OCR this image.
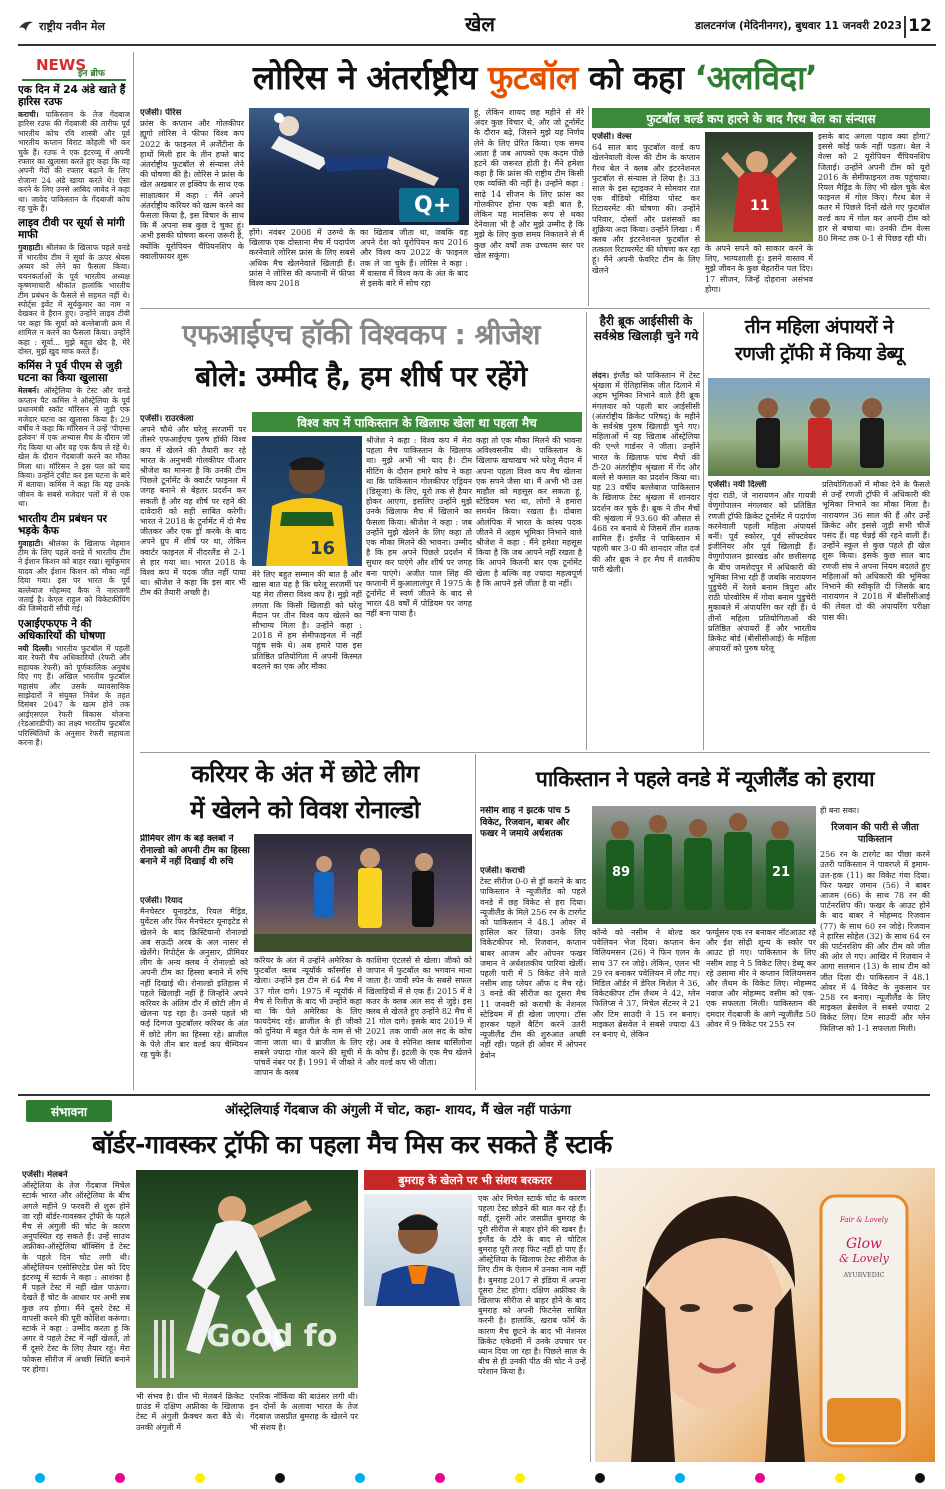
राष्ट्रीय नवीन मेल	खेल	डालटनगंज (मेदिनीनगर), बुधवार 11 जनवरी 2023 12
NEWS
इन ब्रीफ
एक दिन में 24 अंडे खाते हैं हारिस रउफ
कराची। पाकिस्तान के तेज गेंदबाज हारिस रउफ की गेंदबाजी की तारीफ पूर्व भारतीय कोच रवि शास्त्री और पूर्व भारतीय कप्तान विराट कोहली भी कर चुके हैं। रउफ ने एक इंटरव्यू में अपनी रफ्तार का खुलासा करते हुए कहा कि वह अपनी गेंदों की रफ्तार बढ़ाने के लिए रोजाना 24 अंडे खाया करते थे। ऐसा करने के लिए उनसे आबिद जावेद ने कहा था। जावेद पाकिस्तान के गेंदबाजी कोच रह चुके हैं।
लाइव टीवी पर सूर्या से मांगी माफी
गुवाहाटी। श्रीलंका के खिलाफ पहले वनडे में भारतीय टीम ने सूर्या के ऊपर श्रेयस अय्यर को लेने का फैसला किया। चयनकर्ताओं के पूर्व भारतीय अध्यक्ष कृष्णमाचारी श्रीकांत हालांकि भारतीय टीम प्रबंधन के फैसले से सहमत नहीं थे। स्पोर्ट्स इवेंट में सूर्यकुमार का नाम न देखकर वे हैरान हुए। उन्होंने लाइव टीवी पर कहा कि सूर्या को बल्लेबाजी क्रम में शामिल न करने का फैसला किया। उन्होंने कहा : सूर्या... मुझे बहुत खेद है, मेरे दोस्त, मुझे खुद माफ करते हैं।
कमिंस ने पूर्व पीएम से जुड़ी घटना का किया खुलासा
मेलबर्न। ऑस्ट्रेलिया के टेस्ट और वनडे कप्तान पैट कमिंस ने ऑस्ट्रेलिया के पूर्व प्रधानमंत्री स्कॉट मॉरिसन से जुड़ी एक मजेदार घटना का खुलासा किया है। 29 वर्षीय ने कहा कि मॉरिसन ने उन्हें 'पीएम्स इलेवन' में एक अभ्यास मैच के दौरान जो गेंद किया था और वह एक कैच ले रहे थे। खेल के दौरान गेंदबाजी करने का मौका मिला था। मॉरिसन ने इस पल को याद किया। उन्होंने ट्वीट कर इस घटना के बारे में बताया। कमिंस ने कहा कि यह उनके जीवन के सबसे मजेदार पलों में से एक था।
भारतीय टीम प्रबंधन पर भड़के कैफ
गुवाहाटी। श्रीलंका के खिलाफ मेहमान टीम के लिए पहले वनडे में भारतीय टीम ने ईशान किशन को बाहर रखा। सूर्यकुमार यादव और ईशान किशन को मौका नहीं दिया गया। इस पर भारत के पूर्व बल्लेबाज मोहम्मद कैफ ने नाराजगी जताई है। केएल राहुल को विकेटकीपिंग की जिम्मेदारी सौंपी गई।
एआईएफएफ ने की अधिकारियों की घोषणा
नयी दिल्ली। भारतीय फुटबॉल में पहली बार रेफरी मैच अधिकारियों (रेफरी और सहायक रेफरी) को पूर्णकालिक अनुबंध दिए गए हैं। अखिल भारतीय फुटबॉल महासंघ और उसके व्यावसायिक साझेदारों ने संयुक्त निवेश के तहत दिसंबर 2047 के खत्म होने तक आईएसएल रेफरी विकास योजना (रेडआरडीपी) का लक्ष्य भारतीय फुटबॉल परिस्थितियों के अनुसार रेफरी सहायता करना है।
लोरिस ने अंतर्राष्ट्रीय फुटबॉल को कहा ‘अलविदा’
एजेंसी। पेरिस
फ्रांस के कप्तान और गोलकीपर ह्यूगो लोरिस ने फीफा विश्व कप 2022 के फाइनल में अर्जेंटीना के हाथों मिली हार के तीन हफ्ते बाद अंतर्राष्ट्रीय फुटबॉल से संन्यास लेने की घोषणा की है। लोरिस ने फ्रांस के खेल अखबार ल इक्विप के साथ एक साक्षात्कार में कहा : मैंने अपने अंतर्राष्ट्रीय करियर को खत्म करने का फैसला किया है, इस विचार के साथ कि मैं अपना सब कुछ दे चुका हूं। अभी इसकी घोषणा करना जरूरी है, क्योंकि यूरोपियन चैंपियनशिप के क्वालीफायर शुरू
Q+
होंगे। नवंबर 2008 में उरुग्वे के खिलाफ एक दोस्ताना मैच में पदार्पण करनेवाले लोरिस फ्रांस के लिए सबसे अधिक मैच खेलनेवाले खिलाड़ी हैं। फ्रांस ने लोरिस की कप्तानी में फीफा विश्व कप 2018
का खिताब जीता था, जबकि वह अपने देश को यूरोपियन कप 2016 और विश्व कप 2022 के फाइनल तक ले जा चुके हैं। लोरिस ने कहा : मैं वास्तव में विश्व कप के अंत के बाद से इसके बारे में सोच रहा
हूं, लेकिन शायद छह महीने से मेरे अंदर कुछ विचार थे, और जो टूर्नामेंट के दौरान बढ़े, जिसने मुझे यह निर्णय लेने के लिए प्रेरित किया। एक समय आता है जब आपको एक कदम पीछे हटने की जरूरत होती है। मैंने हमेशा कहा है कि फ्रांस की राष्ट्रीय टीम किसी एक व्यक्ति की नहीं है। उन्होंने कहा : साढ़े 14 सीजन के लिए फ्रांस का गोलकीपर होना एक बड़ी बात है, लेकिन यह मानसिक रूप से थका देनेवाला भी है और मुझे उम्मीद है कि मुझे के लिए कुछ समय निकालने से मैं कुछ और वर्षों तक उच्चतम स्तर पर खेल सकूंगा।
फुटबॉल वर्ल्ड कप हारने के बाद गैरथ बेल का संन्यास
एजेंसी। वेल्स
64 साल बाद फुटबॉल वर्ल्ड कप खेलनेवाली वेल्स की टीम के कप्तान गैरथ बेल ने क्लब और इंटरनेशनल फुटबॉल से संन्यास ले लिया है। 33 साल के इस स्ट्राइकर ने सोमवार रात एक वीडियो मीडिया पोस्ट कर रिटायरमेंट की घोषणा की। उन्होंने परिवार, दोस्तों और प्रशंसकों का शुक्रिया अदा किया। उन्होंने लिखा : मैं क्लब और इंटरनेशनल फुटबॉल से तत्काल रिटायरमेंट की घोषणा कर रहा हूं। मैंने अपनी फेवरिट टीम के लिए खेलने
11
के अपने सपने को साकार करने के लिए, भाग्यशाली हूं। इसने वास्तव में मुझे जीवन के कुछ बेहतरीन पल दिए। 17 सीजन, जिन्हें दोहराना असंभव होगा।
इसके बाद अगला पड़ाव क्या होगा? इससे कोई फर्क नहीं पड़ता। बेल ने वेल्स को 2 यूरोपियन चैंपियनशिप जिताई। उन्होंने अपनी टीम को यूरो 2016 के सेमीफाइनल तक पहुंचाया। रियल मैड्रिड के लिए भी खेल चुके बेल फाइनल में गोल किए। गैरथ बेल ने कतर में पिछले दिनों खेले गए फुटबॉल वर्ल्ड कप में गोल कर अपनी टीम को हार से बचाया था। उनकी टीम वेल्स 80 मिनट तक 0-1 से पिछड़ रही थी।
एफआईएच हॉकी विश्वकप : श्रीजेश
बोले: उम्मीद है, हम शीर्ष पर रहेंगे
विश्व कप में पाकिस्तान के खिलाफ खेला था पहला मैच
एजेंसी। राउरकेला
अपने चौथे और घरेलू सरजमीं पर तीसरे एफआईएच पुरुष हॉकी विश्व कप में खेलने की तैयारी कर रहे भारत के अनुभवी गोलकीपर पीआर श्रीजेश का मानना है कि उनकी टीम पिछले टूर्नामेंट के क्वार्टर फाइनल में जगह बनाने से बेहतर प्रदर्शन कर सकती है और वह शीर्ष पर रहने की दावेदारी को सही साबित करेगी। भारत ने 2018 के टूर्नामेंट में दो मैच जीतकर और एक ड्रॉ करके के बाद अपने ग्रुप में शीर्ष पर था, लेकिन क्वार्टर फाइनल में नीदरलैंड से 2-1 से हार गया था। भारत 2018 के विश्व कप में पदक जीत नहीं पाया था। श्रीजेश ने कहा कि इस बार भी टीम की तैयारी अच्छी है।
16
मेरे लिए बहुत सम्मान की बात है और खास बात यह है कि घरेलू सरजमीं पर यह मेरा तीसरा विश्व कप है। मुझे नहीं लगता कि किसी खिलाड़ी को घरेलू मैदान पर तीन विश्व कप खेलने का सौभाग्य मिला है। उन्होंने कहा : 2018 में हम सेमीफाइनल में नहीं पहुंच सके थे। अब हमारे पास इस प्रतिष्ठित प्रतियोगिता में अपनी किस्मत बदलने का एक और मौका
श्रीजेश ने कहा : विश्व कप में मेरा पहला मैच पाकिस्तान के खिलाफ था। मुझे अभी भी याद है। टीम मीटिंग के दौरान हमारे कोच ने कहा था कि पाकिस्तान गोलकीपर एड्रियन (डिसूजा) के लिए, यूरो तक से हैयार होकर आएगा, इसलिए उन्होंने मुझे उनके खिलाफ मैच में खिलाने का फैसला किया। श्रीजेश ने कहा : जब उन्होंने मुझे खेलने के लिए कहा तो एक मौका मिलने की भावना। उम्मीद है कि हम अपने पिछले प्रदर्शन में सुधार कर पाएंगे और शीर्ष पर जगह बना पाएंगे। अजीत पाल सिंह की कप्तानी में कुआलालंपुर में 1975 के टूर्नामेंट में स्वर्ण जीतने के बाद से भारत 48 वर्षों में पोडियम पर जगह नहीं बना पाया है।
कहा तो एक मौका मिलने की भावना अविश्वसनीय थी। पाकिस्तान के खिलाफ खचाखच भरे घरेलू मैदान में अपना पहला विश्व कप मैच खेलना एक सपने जैसा था। मैं अभी भी उस माहौल को महसूस कर सकता हूं, स्टेडियम भरा था, लोगों ने हमारा समर्थन किया। रखता है। दोबारा ओलंपिक में भारत के कांस्य पदक जीतने में अहम भूमिका निभाने वाले श्रीजेश ने कहा : मैंने हमेशा महसूस किया है कि जब आपने नहीं रखता है कि आपने कितनी बार एक टूर्नामेंट खेला है बल्कि वह ज्यादा महत्वपूर्ण है कि आपने इसे जीता है या नहीं।
हैरी ब्रूक आईसीसी के सर्वश्रेष्ठ खिलाड़ी चुने गये
लंदन। इंग्लैंड को पाकिस्तान में टेस्ट श्रृंखला में ऐतिहासिक जीत दिलाने में अहम भूमिका निभाने वाले हैरी ब्रूक मंगलवार को पहली बार आईसीसी (अंतर्राष्ट्रीय क्रिकेट परिषद्) के महीने के सर्वश्रेष्ठ पुरुष खिलाड़ी चुने गए। महिलाओं में यह खिताब ऑस्ट्रेलिया की एश्ले गार्डनर ने जीता। उन्होंने भारत के खिलाफ पांच मैचों की टी-20 अंतर्राष्ट्रीय श्रृंखला में गेंद और बल्ले से कमाल का प्रदर्शन किया था। यह 23 वर्षीय बल्लेबाज पाकिस्तान के खिलाफ टेस्ट श्रृंखला में शानदार प्रदर्शन कर चुके हैं। ब्रूक ने तीन मैचों की श्रृंखला में 93.60 की औसत से 468 रन बनाये थे जिसमें तीन शतक शामिल हैं। इंग्लैंड ने पाकिस्तान में पहली बार 3-0 की शानदार जीत दर्ज की और ब्रूक ने हर मैच में शतकीय पारी खेली।
तीन महिला अंपायरों ने
रणजी ट्रॉफी में किया डेब्यू
एजेंसी। नयी दिल्ली
वृंदा राठी, जे नारायणन और गायत्री वेणुगोपालन मंगलवार को प्रतिष्ठित रणजी ट्रॉफी क्रिकेट टूर्नामेंट में पदार्पण करनेवाली पहली महिला अंपायर्स बनीं। पूर्व स्कोरर, पूर्व सॉफ्टवेयर इंजीनियर और पूर्व खिलाड़ी हैं। वेणुगोपालन झारखंड और छत्तीसगढ़ के बीच जमशेदपुर में अधिकारी की भूमिका निभा रही हैं जबकि नारायणन पुडुचेरी में रेलवे बनाम त्रिपुरा और राठी पोरवोरिम में गोवा बनाम पुडुचेरी मुकाबले में अंपायरिंग कर रही हैं। ये तीनों महिला प्रतियोगिताओं की प्रतिष्ठित अंपायरों हैं और भारतीय क्रिकेट बोर्ड (बीसीसीआई) के महिला अंपायरों को पुरुष घरेलू
प्रतियोगिताओं में मौका देने के फैसले से उन्हें रणजी ट्रॉफी में अधिकारी की भूमिका निभाने का मौका मिला है। नारायणन 36 साल की हैं और उन्हें क्रिकेट और इससे जुड़ी सभी चीजें पसंद हैं। वह चेन्नई की रहने वाली हैं। उन्होंने स्कूल से कुछ पहले ही खेल शुरू किया। इसके कुछ साल बाद रणजी संघ ने अपना नियम बदलते हुए महिलाओं को अधिकारी की भूमिका निभाने की स्वीकृति दी जिसके बाद नारायणन ने 2018 में बीसीसीआई की लेवल दो की अंपायरिंग परीक्षा पास की।
करियर के अंत में छोटे लीग
में खेलने को विवश रोनाल्डो
प्रीमियर लीग के बड़े क्लबों ने रोनाल्डो को अपनी टीम का हिस्सा बनाने में नहीं दिखाई थी रुचि
एजेंसी। रियाद
मैनचेस्टर यूनाइटेड, रियल मैड्रिड, युवेंटस और फिर मैनचेस्टर यूनाइटेड से खेलने के बाद क्रिस्टियानो रोनाल्डो अब सऊदी अरब के अल नासर से खेलेंगे। रिपोर्ट्स के अनुसार, प्रीमियर लीग के अन्य क्लब ने रोनाल्डो को अपनी टीम का हिस्सा बनाने में रुचि नहीं दिखाई थी। रोनाल्डो इतिहास में पहले खिलाड़ी नहीं हैं जिन्होंने अपने करियर के अंतिम दौर में छोटी लीग में खेलना पड़ रहा है। उनसे पहले भी कई दिग्गज फुटबॉलर करियर के अंत में छोटे लीग का हिस्सा रहे। ब्राजील के पेले तीन बार वर्ल्ड कप चैम्पियन रह चुके हैं।
करियर के अंत में उन्होंने अमेरिका के फुटबॉल क्लब न्यूयॉर्क कॉस्मॉस से खेला। उन्होंने इस टीम से 64 मैच में 37 गोल दागे। 1975 में न्यूयॉर्क में मैच से रिलीज़ के बाद भी उन्होंने कहा था कि पेले अमेरिका के लिए फायदेमंद रहे। ब्राजील के ही जीको को दुनिया में बहुत पैले के नाम से भी जाना जाता था। ये ब्राजील के लिए सबसे ज्यादा गोल करने की सूची में पांचवें नंबर पर हैं। 1991 में जीको ने जापान के क्लब
काशिमा एंटलर्स से खेला। जीको को जापान में फुटबॉल का भगवान माना जाता है। जावी स्पेन के सबसे सफल खिलाड़ियों में से एक हैं। 2015 में वे कतर के क्लब अल सद से जुड़े। इस क्लब से खेलते हुए उन्होंने 82 मैच में 21 गोल दागे। इसके बाद 2019 में 2021 तक जावी अल सद के कोच रहे। अब वे स्पेनिश क्लब बार्सिलोना के कोच हैं। इटली के एक मैच खेलने और वर्ल्ड कप भी जीता।
पाकिस्तान ने पहले वनडे में न्यूजीलैंड को हराया
नसीम शाह ने झटके पांच 5 विकेट, रिजवान, बाबर और फखर ने जमाये अर्धशतक
एजेंसी। कराची
टेस्ट सीरीज 0-0 से ड्रॉ कराने के बाद पाकिस्तान ने न्यूजीलैंड को पहले वनडे में छह विकेट से हरा दिया। न्यूजीलैंड के मिले 256 रन के टारगेट को पाकिस्तान ने 48.1 ओवर में हासिल कर लिया। उनके लिए विकेटकीपर मो. रिजवान, कप्तान बाबर आजम और ओपनर फखर जमान ने अर्धशतकीय पारियां खेलीं। पहली पारी में 5 विकेट लेने वाले नसीम शाह प्लेयर ऑफ द मैच रहे। 3 वनडे की सीरीज का दूसरा मैच 11 जनवरी को कराची के नेशनल स्टेडियम में ही खेला जाएगा। टॉस हारकर पहले बैटिंग करने उतरी न्यूजीलैंड टीम की शुरुआत अच्छी नहीं रही। पहले ही ओवर में ओपनर डेवोन
89	21
कॉन्वे को नसीम ने बोल्ड कर पवेलियन भेज दिया। कप्तान केन विलियमसन (26) ने फिन एलन के साथ 37 रन जोड़े। लेकिन, एलन भी 29 रन बनाकर पवेलियन में लौट गए। मिडिल ऑर्डर में डेरिल मिशेल ने 36, विकेटकीपर टॉम लैथम ने 42, ग्लेन फिलिप्स ने 37, मिचेल सेंटनर ने 21 और टिम साउदी ने 15 रन बनाए। माइकल ब्रेसवेल ने सबसे ज्यादा 43 रन बनाए थे, लेकिन
फर्ग्यूसन एक रन बनाकर नॉटआउट रहे और ईश सोढ़ी शून्य के स्कोर पर आउट हो गए। पाकिस्तान के लिए नसीम शाह ने 5 विकेट लिए। डेब्यू कर रहे उसामा मीर ने कप्तान विलियमसन और लैथम के विकेट लिए। मोहम्मद नवाज और मोहम्मद वसीम को एक-एक सफलता मिली। पाकिस्तान की दमदार गेंदबाजी के आगे न्यूजीलैंड 50 ओवर में 9 विकेट पर 255 रन
ही बना सका।
रिजवान की पारी से जीता पाकिस्तान
256 रन के टारगेट का पीछा करने उतरी पाकिस्तान ने पावरप्ले में इमाम-उल-हक (11) का विकेट गंवा दिया। फिर फखर जमान (56) ने बाबर आजम (66) के साथ 78 रन की पार्टनरशिप की। फखर के आउट होने के बाद बाबर ने मोहम्मद रिजवान (77) के साथ 60 रन जोड़े। रिजवान ने हारिस सोहेल (32) के साथ 64 रन की पार्टनरशिप की और टीम को जीत की ओर ले गए। आखिर में रिजवान ने आगा सलमान (13) के साथ टीम को जीत दिला दी। पाकिस्तान ने 48.1 ओवर में 4 विकेट के नुकसान पर 258 रन बनाए। न्यूजीलैंड के लिए माइकल ब्रेसवेल ने सबसे ज्यादा 2 विकेट लिए। टिम साउदी और ग्लेन फिलिप्स को 1-1 सफलता मिली।
संभावना	ऑस्ट्रेलियाई गेंदबाज की अंगुली में चोट, कहा- शायद, मैं खेल नहीं पाऊंगा
बॉर्डर-गावस्कर ट्रॉफी का पहला मैच मिस कर सकते हैं स्टार्क
एजेंसी। मेलबर्न
ऑस्ट्रेलिया के तेज गेंदबाज मिचेल स्टार्क भारत और ऑस्ट्रेलिया के बीच अगले महीने 9 फरवरी से शुरू होने जा रही बॉर्डर-गावस्कर ट्रॉफी के पहले मैच से अंगुली की चोट के कारण अनुपस्थित रह सकते हैं। उन्हें साउथ अफ्रीका-ऑस्ट्रेलिया बॉक्सिंग डे टेस्ट के पहले दिन चोट लगी थी। ऑस्ट्रेलियन एसोसिएटेड प्रेस को दिए इंटरव्यू में स्टार्क ने कहा : आशंका है मैं पहले टेस्ट में नहीं खेल पाऊंगा। देखते हैं चोट के आधार पर अभी सब कुछ तय होगा। मैंने दूसरे टेस्ट में वापसी करने की पूरी कोशिश करूंगा। स्टार्क ने कहा : उम्मीद करता हूं कि अगर वे पहले टेस्ट में नहीं खेलते, तो मैं दूसरे टेस्ट के लिए तैयार रहूं। मेरा फोकस सीरीज में अच्छी स्थिति बनाने पर होगा।
Good fo
भी संभव है। ग्रीन भी मेलबर्न क्रिकेट ग्राउंड में दक्षिण अफ्रीका के खिलाफ टेस्ट में अंगुली फ्रैक्चर करा बैठे थे। उनकी अंगुली में
एनरिक नॉर्किया की बाउंसर लगी थी। इन दोनों के अलावा भारत के तेज गेंदबाज जसप्रीत बुमराह के खेलने पर भी संशय है।
बुमराह के खेलने पर भी संशय बरकरार
एक ओर मिचेल स्टार्क चोट के कारण पहला टेस्ट छोड़ने की बात कर रहे हैं। वहीं, दूसरी ओर जसप्रीत बुमराह के पूरी सीरीज से बाहर होने की खबर है। इंग्लैंड के दौरे के बाद से चोटिल बुमराह पूरी तरह फिट नहीं हो पाए हैं। ऑस्ट्रेलिया के खिलाफ टेस्ट सीरीज के लिए टीम के ऐलान में उनका नाम नहीं है। बुमराह 2017 से इंडिया में अपना दूसरा टेस्ट होगा। दक्षिण अफ्रीका के खिलाफ सीरीज से बाहर होने के बाद बुमराह को अपनी फिटनेस साबित करनी है। हालांकि, खराब फॉर्म के कारण मैच छूटने के बाद भी नेशनल क्रिकेट एकेडमी में उनके उपचार पर ध्यान दिया जा रहा है। पिछले साल के बीच से ही उनकी पीठ की चोट ने उन्हें परेशान किया है।
Fair & Lovely
Glow
& Lovely
AYURVEDIC
